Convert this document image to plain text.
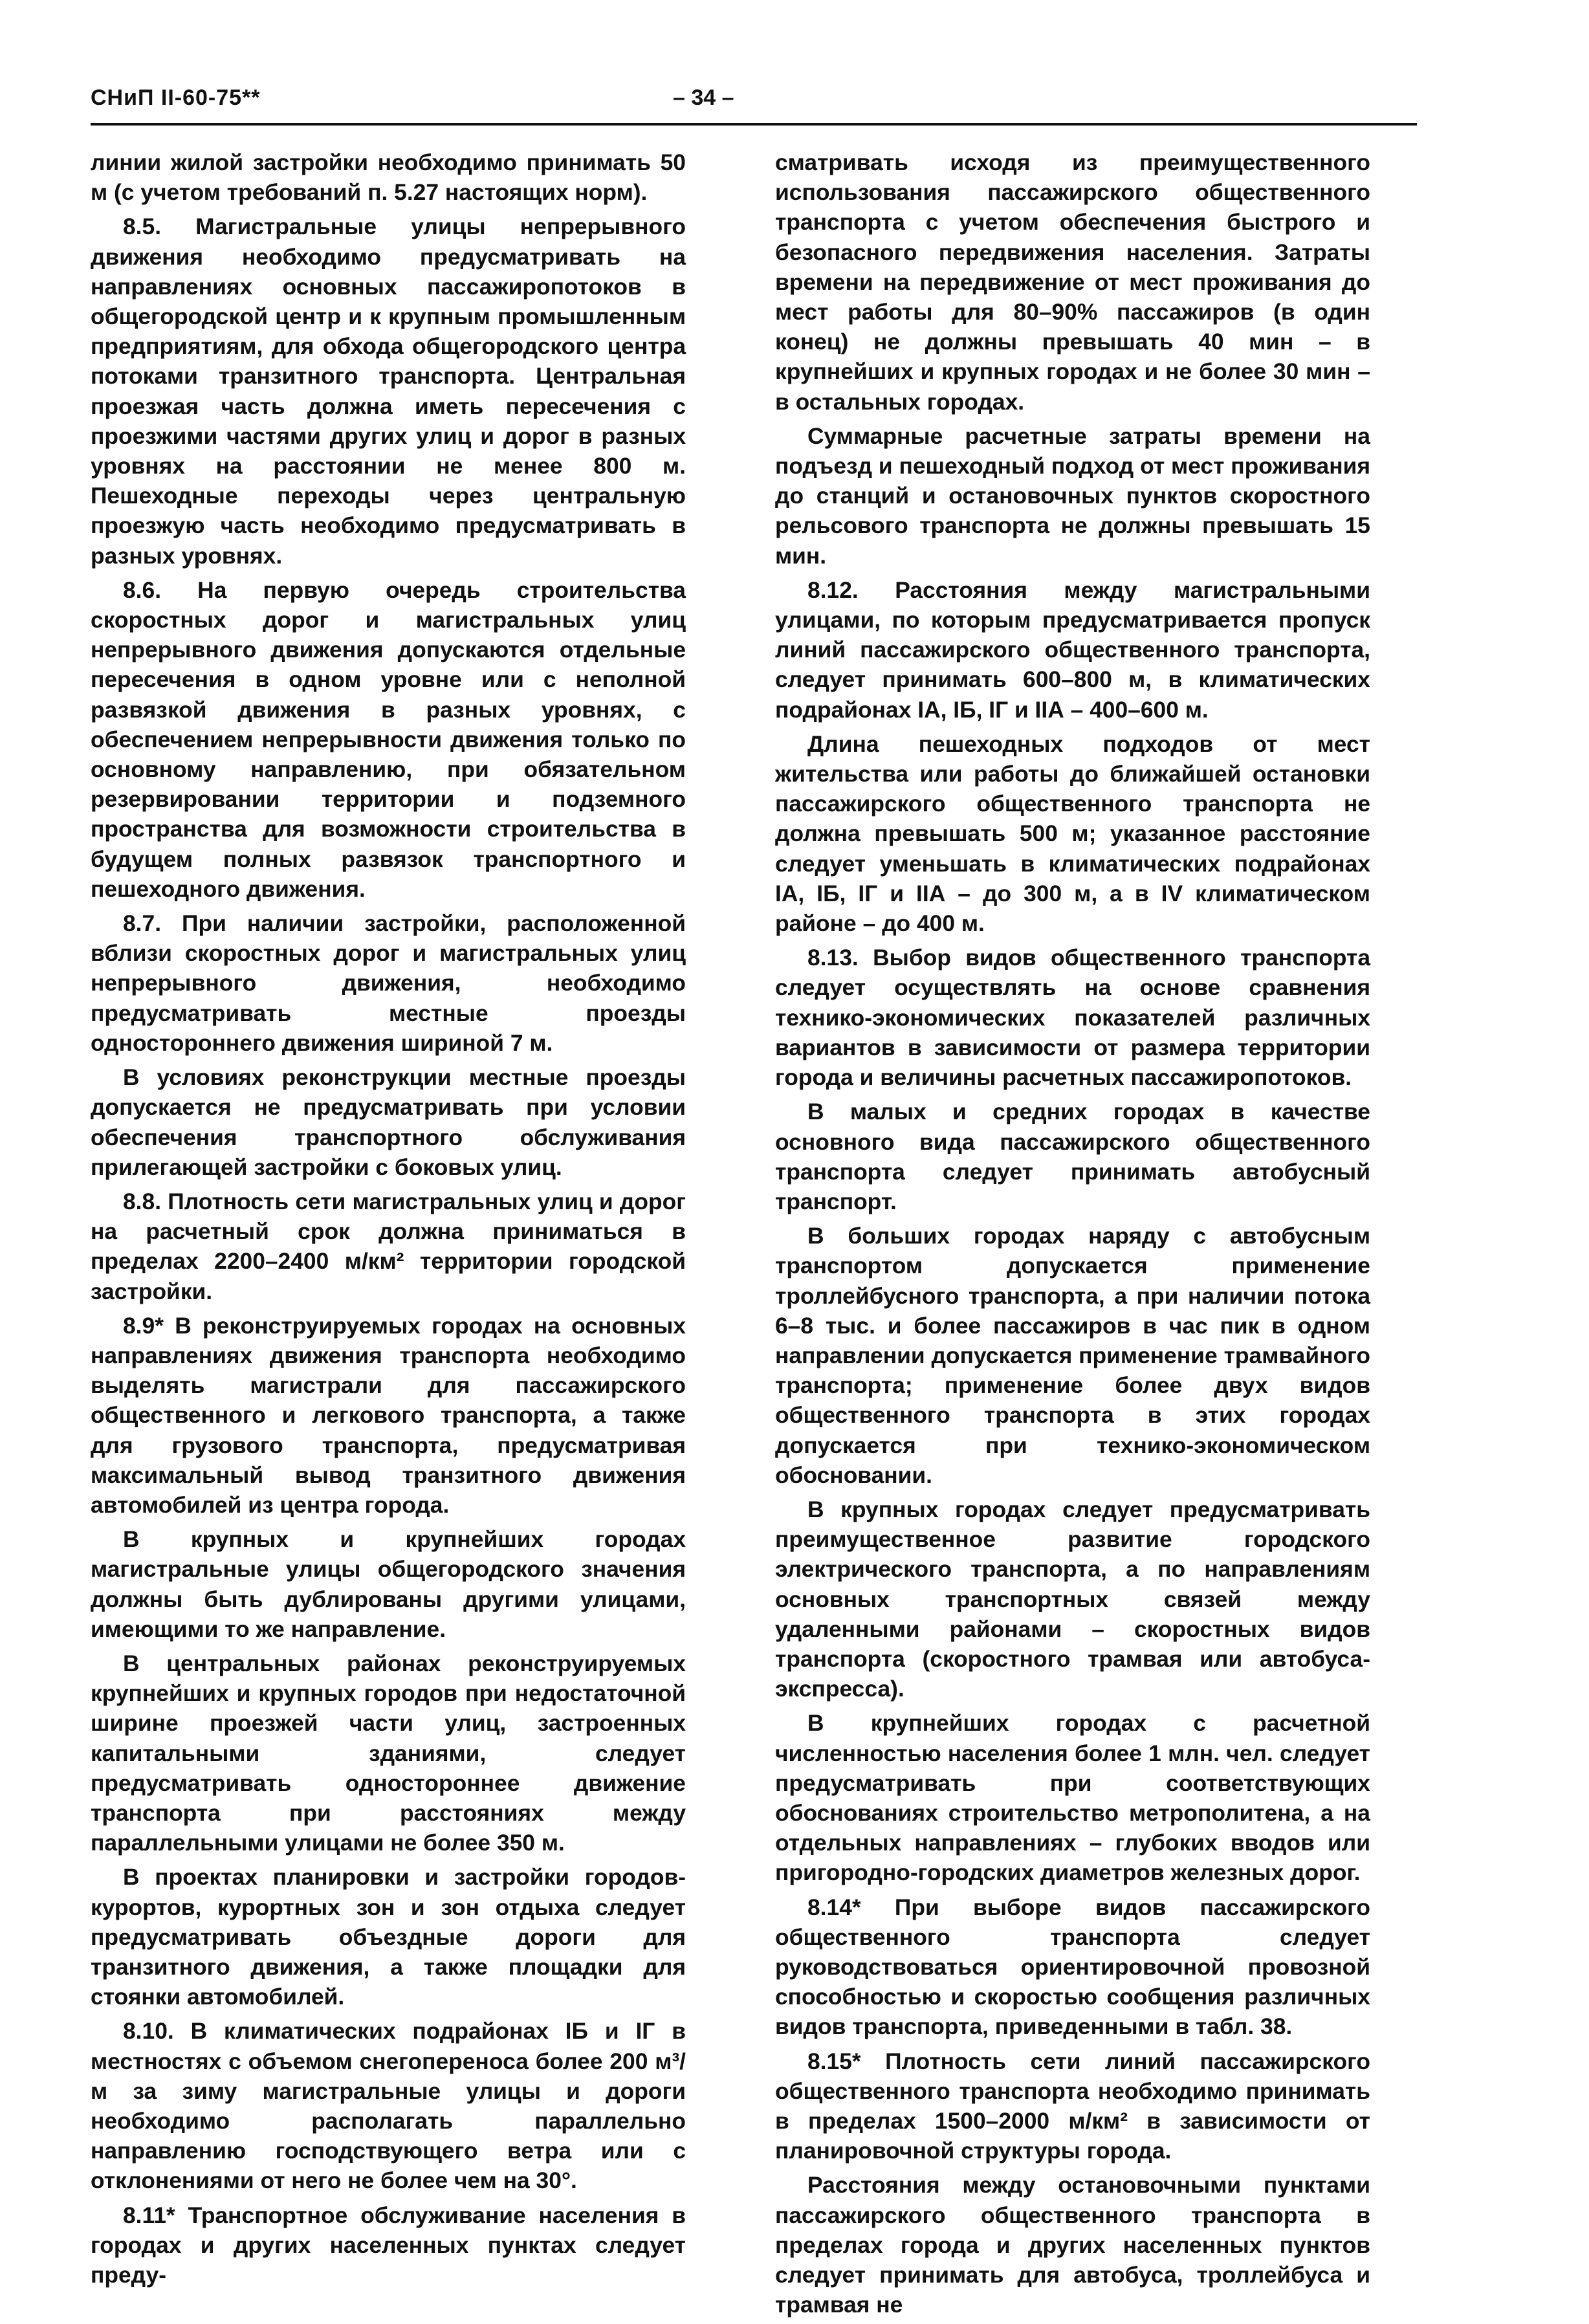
СНиП II-60-75**	– 34 –

линии жилой застройки необходимо принимать 50 м (с учетом требований п. 5.27 настоящих норм).

8.5. Магистральные улицы непрерывного движения необходимо предусматривать на направлениях основных пассажиропотоков в общегородской центр и к крупным промышленным предприятиям, для обхода общегородского центра потоками транзитного транспорта. Центральная проезжая часть должна иметь пересечения с проезжими частями других улиц и дорог в разных уровнях на расстоянии не менее 800 м. Пешеходные переходы через центральную проезжую часть необходимо предусматривать в разных уровнях.

8.6. На первую очередь строительства скоростных дорог и магистральных улиц непрерывного движения допускаются отдельные пересечения в одном уровне или с неполной развязкой движения в разных уровнях, с обеспечением непрерывности движения только по основному направлению, при обязательном резервировании территории и подземного пространства для возможности строительства в будущем полных развязок транспортного и пешеходного движения.

8.7. При наличии застройки, расположенной вблизи скоростных дорог и магистральных улиц непрерывного движения, необходимо предусматривать местные проезды одностороннего движения шириной 7 м.

В условиях реконструкции местные проезды допускается не предусматривать при условии обеспечения транспортного обслуживания прилегающей застройки с боковых улиц.

8.8. Плотность сети магистральных улиц и дорог на расчетный срок должна приниматься в пределах 2200–2400 м/км² территории городской застройки.

8.9* В реконструируемых городах на основных направлениях движения транспорта необходимо выделять магистрали для пассажирского общественного и легкового транспорта, а также для грузового транспорта, предусматривая максимальный вывод транзитного движения автомобилей из центра города.

В крупных и крупнейших городах магистральные улицы общегородского значения должны быть дублированы другими улицами, имеющими то же направление.

В центральных районах реконструируемых крупнейших и крупных городов при недостаточной ширине проезжей части улиц, застроенных капитальными зданиями, следует предусматривать одностороннее движение транспорта при расстояниях между параллельными улицами не более 350 м.

В проектах планировки и застройки городов-курортов, курортных зон и зон отдыха следует предусматривать объездные дороги для транзитного движения, а также площадки для стоянки автомобилей.

8.10. В климатических подрайонах IБ и IГ в местностях с объемом снегопереноса более 200 м³/м за зиму магистральные улицы и дороги необходимо располагать параллельно направлению господствующего ветра или с отклонениями от него не более чем на 30°.

8.11* Транспортное обслуживание населения в городах и других населенных пунктах следует преду-

сматривать исходя из преимущественного использования пассажирского общественного транспорта с учетом обеспечения быстрого и безопасного передвижения населения. Затраты времени на передвижение от мест проживания до мест работы для 80–90% пассажиров (в один конец) не должны превышать 40 мин – в крупнейших и крупных городах и не более 30 мин – в остальных городах.

Суммарные расчетные затраты времени на подъезд и пешеходный подход от мест проживания до станций и остановочных пунктов скоростного рельсового транспорта не должны превышать 15 мин.

8.12. Расстояния между магистральными улицами, по которым предусматривается пропуск линий пассажирского общественного транспорта, следует принимать 600–800 м, в климатических подрайонах IА, IБ, IГ и IIА – 400–600 м.

Длина пешеходных подходов от мест жительства или работы до ближайшей остановки пассажирского общественного транспорта не должна превышать 500 м; указанное расстояние следует уменьшать в климатических подрайонах IА, IБ, IГ и IIА – до 300 м, а в IV климатическом районе – до 400 м.

8.13. Выбор видов общественного транспорта следует осуществлять на основе сравнения технико-экономических показателей различных вариантов в зависимости от размера территории города и величины расчетных пассажиропотоков.

В малых и средних городах в качестве основного вида пассажирского общественного транспорта следует принимать автобусный транспорт.

В больших городах наряду с автобусным транспортом допускается применение троллейбусного транспорта, а при наличии потока 6–8 тыс. и более пассажиров в час пик в одном направлении допускается применение трамвайного транспорта; применение более двух видов общественного транспорта в этих городах допускается при технико-экономическом обосновании.

В крупных городах следует предусматривать преимущественное развитие городского электрического транспорта, а по направлениям основных транспортных связей между удаленными районами – скоростных видов транспорта (скоростного трамвая или автобуса-экспресса).

В крупнейших городах с расчетной численностью населения более 1 млн. чел. следует предусматривать при соответствующих обоснованиях строительство метрополитена, а на отдельных направлениях – глубоких вводов или пригородно-городских диаметров железных дорог.

8.14* При выборе видов пассажирского общественного транспорта следует руководствоваться ориентировочной провозной способностью и скоростью сообщения различных видов транспорта, приведенными в табл. 38.

8.15* Плотность сети линий пассажирского общественного транспорта необходимо принимать в пределах 1500–2000 м/км² в зависимости от планировочной структуры города.

Расстояния между остановочными пунктами пассажирского общественного транспорта в пределах города и других населенных пунктов следует принимать для автобуса, троллейбуса и трамвая не
